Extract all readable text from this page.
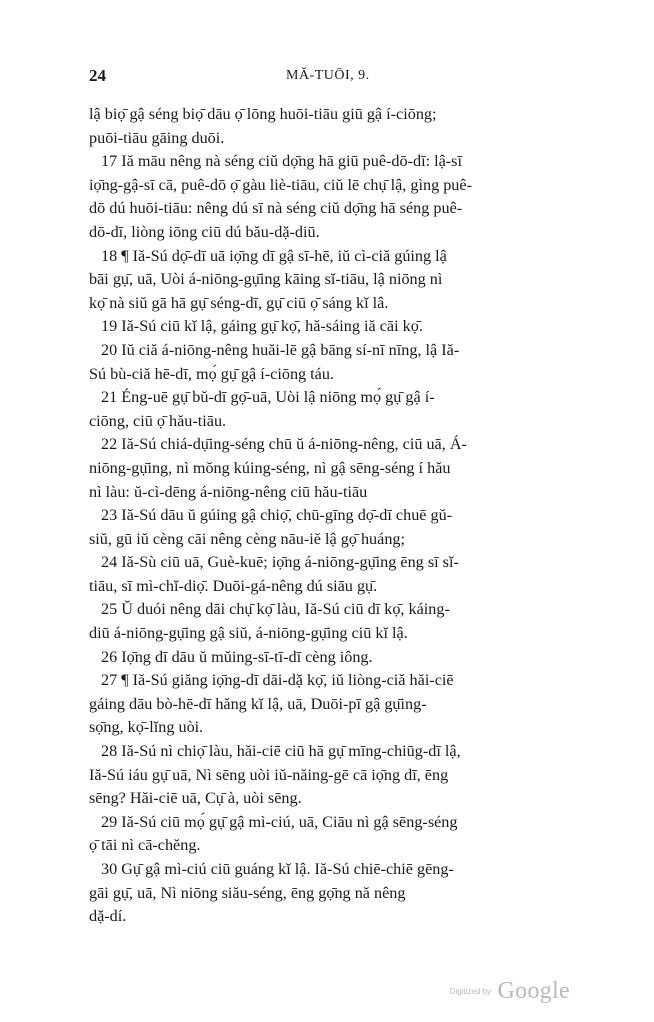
24	MĂ-TUŌI, 9.
lậ biọ̄ gậ séng biọ̄ dāu ọ̄ lōng huōi-tiāu giū gậ í-ciōng;
puōi-tiāu gāing duōi.
17 Iă māu nêng nà séng ciŭ dọ̄ng hā giū puê-dō-dī: lậ-sī
iọ̄ng-gậ-sī cā, puê-dō ọ̄ gàu liè-tiāu, ciŭ lē chụ̄ lậ, gìng puê-
dō dú huōi-tiāu: nêng dú sī nà séng ciŭ dọ̄ng hā séng puê-
dō-dī, liòng iōng ciū dú bău-dặ-diū.
18 ¶ Iă-Sú dọ̄-dī uā iọ̄ng dī gậ sī-hē, iŭ cì-ciă gúing lậ
bāi gụ̄, uā, Uòi á-niōng-gụ̄ing kāing sĭ-tiāu, lậ niōng nì
kọ̄ nà siŭ gā hā gụ̄ séng-dī, gụ̄ ciū ọ̄ sáng kĭ lâ.
19 Iă-Sú ciū kĭ lậ, gáing gụ̄ kọ̄, hă-sáing iă cāi kọ̄.
20 Iŭ ciă á-niōng-nêng huăi-lē gậ bāng sí-nī nīng, lậ Iă-
Sú bù-ciă hē-dī, mọ́ gụ̄ gậ í-ciōng táu.
21 Éng-uē gụ̄ bŭ-dī gọ̄-uā, Uòi lậ niōng mọ́ gụ̄ gậ í-
ciōng, ciū ọ̄ hău-tiāu.
22 Iă-Sú chiá-dụ̄ing-séng chū ŭ á-niōng-nêng, ciū uā, Á-
niōng-gụ̄ing, nì mŏng kúing-séng, nì gậ sēng-séng í hău
nì làu: ŭ-cì-dēng á-niōng-nêng ciū hău-tiāu
23 Iă-Sú dāu ŭ gúing gậ chiọ̄, chū-gīng dọ̄-dī chuē gŭ-
siŭ, gū iŭ cèng cāi nêng cèng nāu-iĕ lậ gọ̄ huáng;
24 Iă-Sù ciū uā, Guè-kuē; iọ̄ng á-niōng-gụ̄ing ēng sī sĭ-
tiāu, sī mì-chĭ-diọ̄. Duōi-gá-nêng dú siāu gụ̄.
25 Ŭ duói nêng dāi chụ̄ kọ̄ làu, Iă-Sú ciū dī kọ̄, káing-
diū á-niōng-gụ̄ing gậ siŭ, á-niōng-gụ̄ing ciū kĭ lậ.
26 Iọ̄ng dī dāu ŭ mŭing-sī-tī-dī cèng iông.
27 ¶ Iă-Sú giăng iọ̄ng-dī dāi-dặ kọ̄, iŭ liòng-ciă hăi-ciē
gáing dāu bò-hē-dī hăng kĭ lậ, uā, Duōi-pī gậ gụ̄ing-
sọ̄ng, kọ̄-lĭng uòi.
28 Iă-Sú nì chiọ̄ làu, hăi-ciē ciū hā gụ̄ mīng-chiūg-dī lậ,
Iă-Sú iáu gụ̄ uā, Nì sēng uòi iŭ-năing-gē cā iọ̄ng dī, ēng
sēng? Hăi-ciē uā, Cụ̄ à, uòi sēng.
29 Iă-Sú ciū mọ́ gụ̄ gậ mì-ciú, uā, Ciāu nì gậ sēng-séng
ọ̄ tāi nì cā-chĕng.
30 Gụ̄ gậ mì-ciú ciū guáng kĭ lậ. Iă-Sú chiē-chiē gēng-
gāi gụ̄, uā, Nì niōng siău-séng, ēng gọ̄ng nă nêng
dặ-dí.
Digitized by Google
